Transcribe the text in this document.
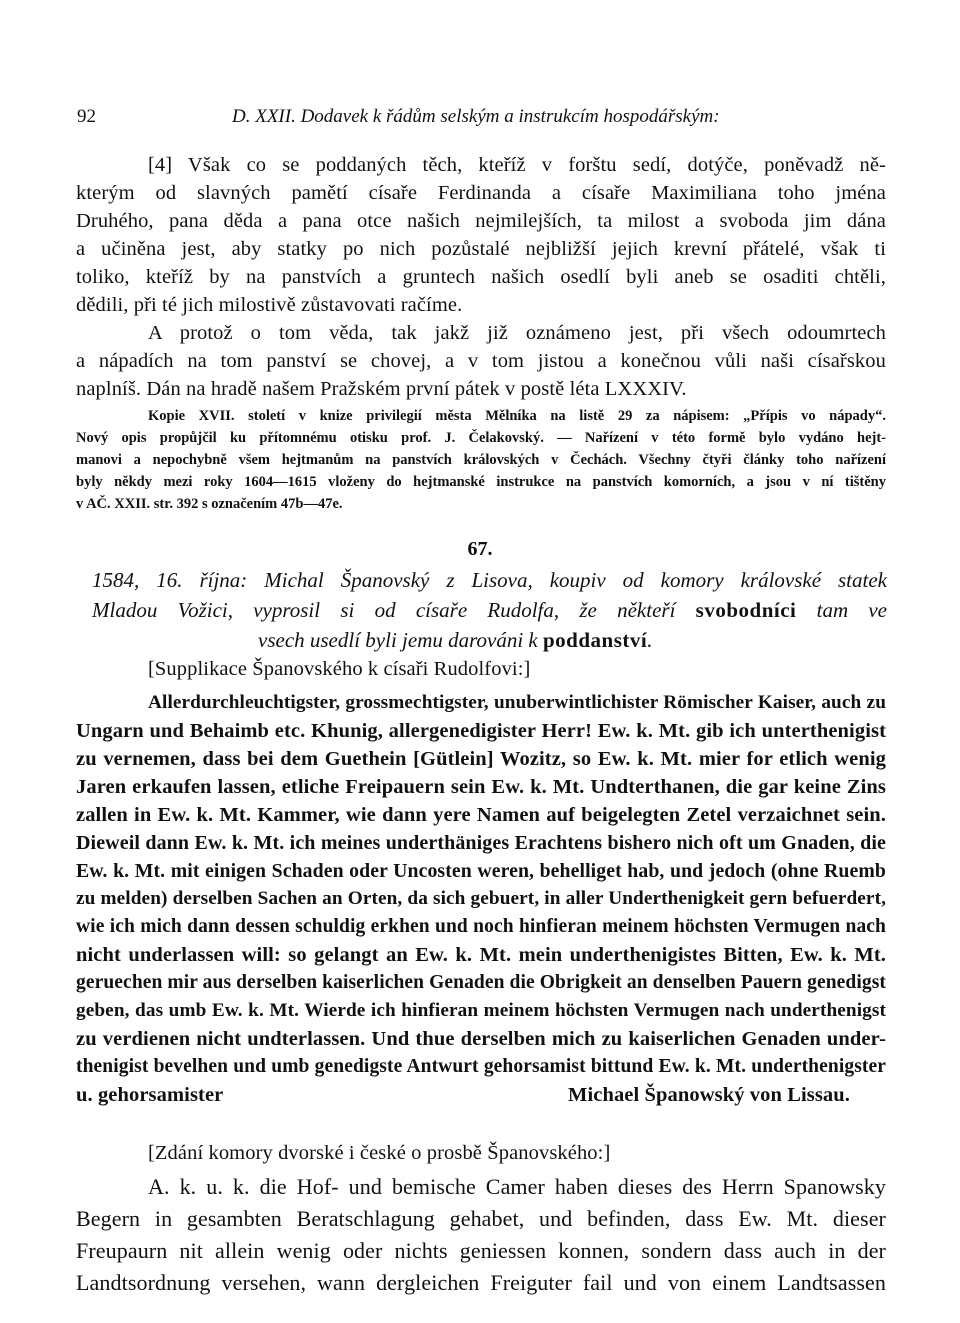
92	D. XXII. Dodavek k řádům selským a instrukcím hospodářským:
[4] Však co se poddaných těch, kteříž v forštu sedí, dotýče, poněvadž ně-
kterým od slavných pamětí císaře Ferdinanda a císaře Maximiliana toho jména
Druhého, pana děda a pana otce našich nejmilejších, ta milost a svoboda jim dána
a učiněna jest, aby statky po nich pozůstalé nejbližší jejich krevní přátelé, však ti
toliko, kteříž by na panstvích a gruntech našich osedlí byli aneb se osaditi chtěli,
dědili, při té jich milostivě zůstavovati račíme.
A protož o tom věda, tak jakž již oznámeno jest, při všech odoumrtech
a nápadích na tom panství se chovej, a v tom jistou a konečnou vůli naši císařskou
naplníš. Dán na hradě našem Pražském první pátek v postě léta LXXXIV.
Kopie XVII. století v knize privilegií města Mělníka na listě 29 za nápisem: „Přípis vo nápady“.
Nový opis propůjčil ku přítomnému otisku prof. J. Čelakovský. — Nařízení v této formě bylo vydáno hejt-
manovi a nepochybně všem hejtmanům na panstvích královských v Čechách. Všechny čtyři články toho nařízení
byly někdy mezi roky 1604—1615 vloženy do hejtmanské instrukce na panstvích komorních, a jsou v ní tištěny
v AČ. XXII. str. 392 s označením 47b—47e.
67.
1584, 16. října: Michal Španovský z Lisova, koupiv od komory královské statek
Mladou Vožici, vyprosil si od císaře Rudolfa, že někteří svobodníci tam ve
vsech usedlí byli jemu darováni k poddanství.
[Supplikace Španovského k císaři Rudolfovi:]
Allerdurchleuchtigster, grossmechtigster, unuberwintlichister Römischer Kaiser, auch zu
Ungarn und Behaimb etc. Khunig, allergenedigister Herr! Ew. k. Mt. gib ich unterthenigist
zu vernemen, dass bei dem Guethein [Gütlein] Wozitz, so Ew. k. Mt. mier for etlich wenig
Jaren erkaufen lassen, etliche Freipauern sein Ew. k. Mt. Undterthanen, die gar keine Zins
zallen in Ew. k. Mt. Kammer, wie dann yere Namen auf beigelegten Zetel verzaichnet sein.
Dieweil dann Ew. k. Mt. ich meines underthäniges Erachtens bishero nich oft um Gnaden, die
Ew. k. Mt. mit einigen Schaden oder Uncosten weren, behelliget hab, und jedoch (ohne Ruemb
zu melden) derselben Sachen an Orten, da sich gebuert, in aller Underthenigkeit gern befuerdert,
wie ich mich dann dessen schuldig erkhen und noch hinfieran meinem höchsten Vermugen nach
nicht underlassen will: so gelangt an Ew. k. Mt. mein underthenigistes Bitten, Ew. k. Mt.
geruechen mir aus derselben kaiserlichen Genaden die Obrigkeit an denselben Pauern genedigst
geben, das umb Ew. k. Mt. Wierde ich hinfieran meinem höchsten Vermugen nach underthenigst
zu verdienen nicht undterlassen. Und thue derselben mich zu kaiserlichen Genaden under-
thenigist bevelhen und umb genedigste Antwurt gehorsamist bittund Ew. k. Mt. underthenigster
u. gehorsamister	Michael Španowský von Lissau.
[Zdání komory dvorské i české o prosbě Španovského:]
A. k. u. k. die Hof- und bemische Camer haben dieses des Herrn Spanowsky
Begern in gesambten Beratschlagung gehabet, und befinden, dass Ew. Mt. dieser
Freupaurn nit allein wenig oder nichts geniessen konnen, sondern dass auch in der
Landtsordnung versehen, wann dergleichen Freiguter fail und von einem Landtsassen
